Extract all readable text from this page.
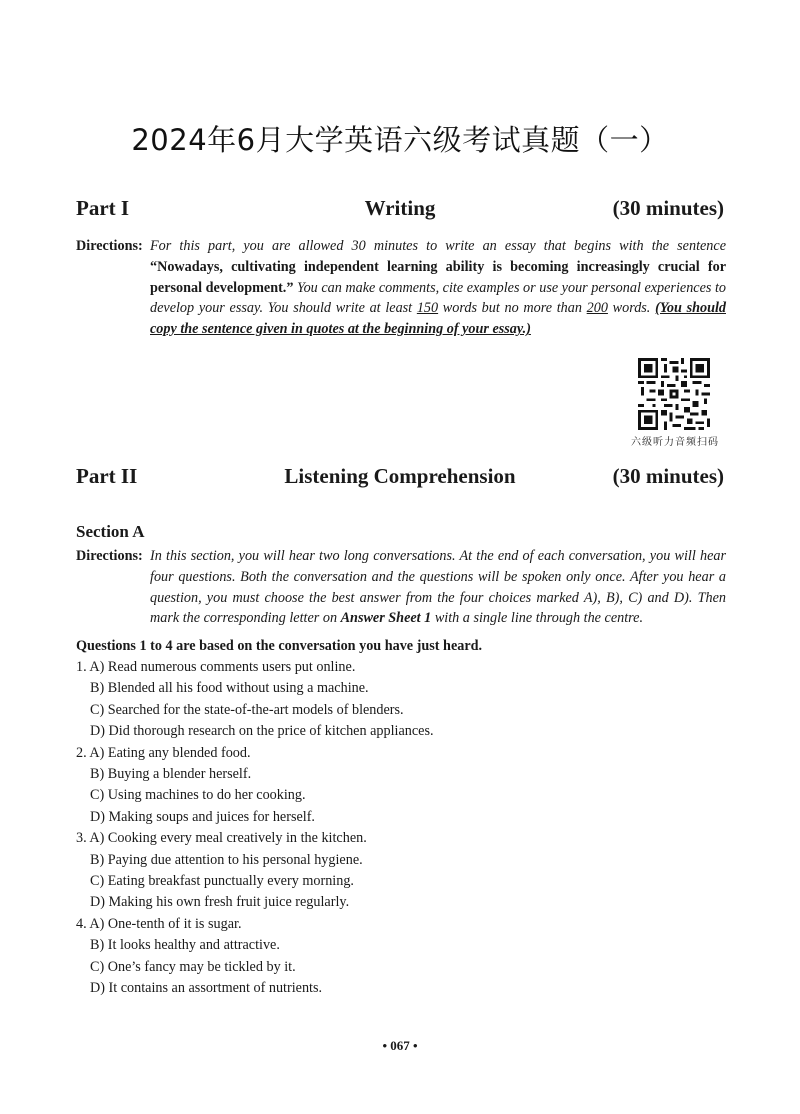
2024年6月大学英语六级考试真题（一）
Part I	Writing	(30 minutes)
Directions: For this part, you are allowed 30 minutes to write an essay that begins with the sentence “Nowadays, cultivating independent learning ability is becoming increasingly crucial for personal development.” You can make comments, cite examples or use your personal experiences to develop your essay. You should write at least 150 words but no more than 200 words. (You should copy the sentence given in quotes at the beginning of your essay.)
六级听力音频扫码
Part II	Listening Comprehension	(30 minutes)
Section A
Directions: In this section, you will hear two long conversations. At the end of each conversation, you will hear four questions. Both the conversation and the questions will be spoken only once. After you hear a question, you must choose the best answer from the four choices marked A), B), C) and D). Then mark the corresponding letter on Answer Sheet 1 with a single line through the centre.
Questions 1 to 4 are based on the conversation you have just heard.
1. A) Read numerous comments users put online.
B) Blended all his food without using a machine.
C) Searched for the state-of-the-art models of blenders.
D) Did thorough research on the price of kitchen appliances.
2. A) Eating any blended food.
B) Buying a blender herself.
C) Using machines to do her cooking.
D) Making soups and juices for herself.
3. A) Cooking every meal creatively in the kitchen.
B) Paying due attention to his personal hygiene.
C) Eating breakfast punctually every morning.
D) Making his own fresh fruit juice regularly.
4. A) One-tenth of it is sugar.
B) It looks healthy and attractive.
C) One’s fancy may be tickled by it.
D) It contains an assortment of nutrients.
• 067 •
